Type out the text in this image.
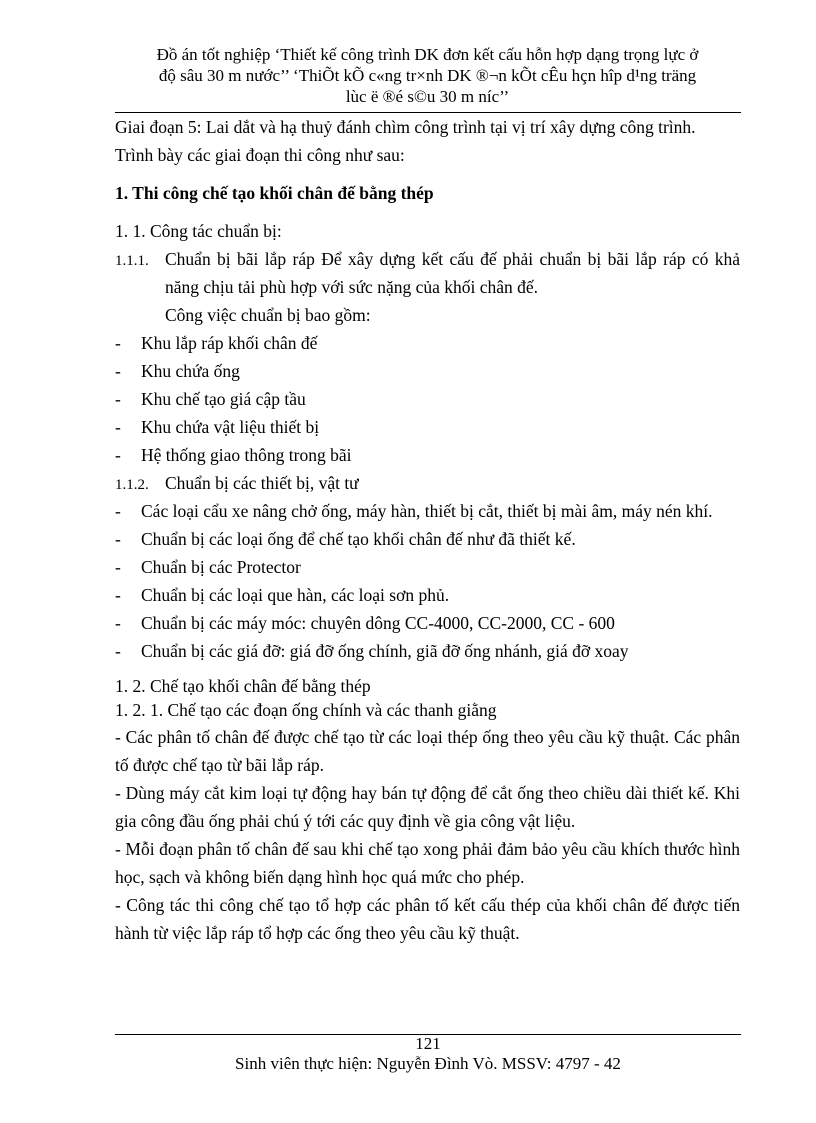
Đồ án tốt nghiệp ‘Thiết kế công trình DK đơn kết cấu hỗn hợp dạng trọng lực ở
độ sâu 30 m nước’’ ‘ThiÕt kÕ c«ng tr×nh DK ®¬n kÕt cÊu hçn hîp d¹ng träng
lùc ë ®é s©u 30 m níc’’

Giai đoạn 5: Lai dắt và hạ thuỷ đánh chìm công trình tại vị trí xây dựng công trình.

Trình bày các giai đoạn thi công như sau:

1. Thi công chế tạo khối chân đế bằng thép

1. 1. Công tác chuẩn bị:

1.1.1. Chuẩn bị bãi lắp ráp Để xây dựng kết cấu đế phải chuẩn bị bãi lắp ráp có khả năng chịu tải phù hợp với sức nặng của khối chân đế.

Công việc chuẩn bị bao gồm:

- Khu lắp ráp khối chân đế

- Khu chứa ống

- Khu chế tạo giá cập tầu

- Khu chứa vật liệu thiết bị

- Hệ thống giao thông trong bãi

1.1.2. Chuẩn bị các thiết bị, vật tư

- Các loại cẩu xe nâng chở ống, máy hàn, thiết bị cắt, thiết bị mài âm, máy nén khí.

- Chuẩn bị các loại ống để chế tạo khối chân đế như đã thiết kế.

- Chuẩn bị các Protector

- Chuẩn bị các loại que hàn, các loại sơn phủ.

- Chuẩn bị các máy móc: chuyên dông CC-4000, CC-2000, CC - 600

- Chuẩn bị các giá đỡ: giá đỡ ống chính, giã đỡ ống nhánh, giá đỡ xoay

1. 2. Chế tạo khối chân đế bằng thép

1. 2. 1. Chế tạo các đoạn ống chính và các thanh giằng

- Các phân tố chân đế được chế tạo từ các loại thép ống theo yêu cầu kỹ thuật. Các phân tố được chế tạo từ bãi lắp ráp.

- Dùng máy cắt kim loại tự động hay bán tự động để cắt ống theo chiều dài thiết kế. Khi gia công đầu ống phải chú ý tới các quy định về gia công vật liệu.

- Mỗi đoạn phân tố chân đế sau khi chế tạo xong phải đảm bảo yêu cầu khích thước hình học, sạch và không biến dạng hình học quá mức cho phép.

- Công tác thi công chế tạo tổ hợp các phân tố kết cấu thép của khối chân đế được tiến hành từ việc lắp ráp tổ hợp các ống theo yêu cầu kỹ thuật.

121
Sinh viên thực hiện: Nguyễn Đình Vò. MSSV: 4797 - 42
